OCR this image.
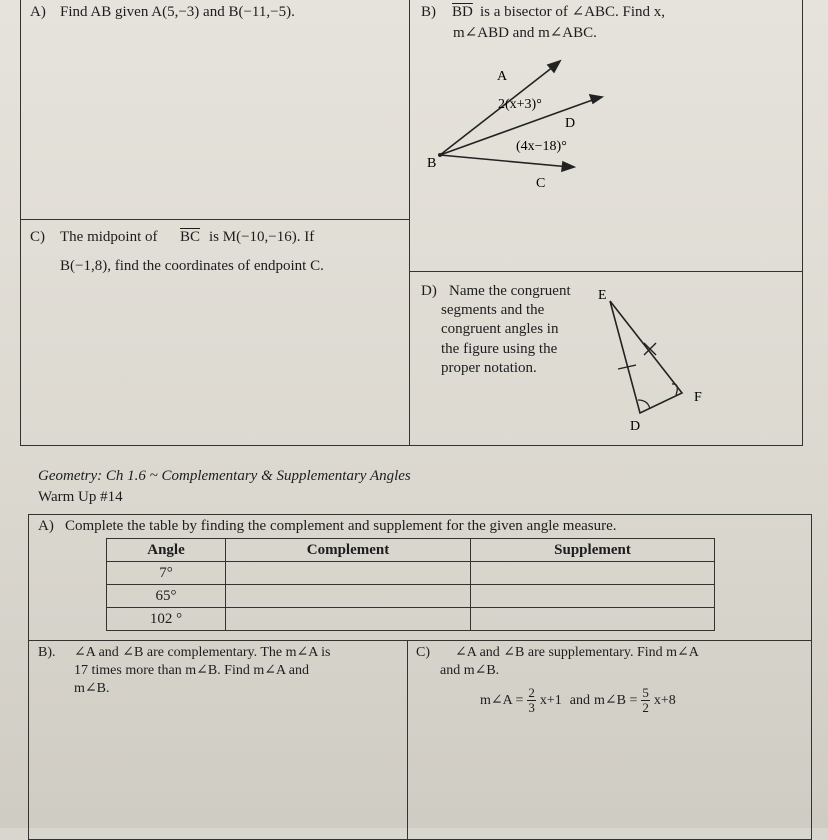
A) Find AB given A(5,−3) and B(−11,−5).	B) $\overline{BD}$ is a bisector of ∠ABC. Find x,
m∠ABD and m∠ABC.
A
D
B
C
2(x+3)°
(4x−18)°
C) The midpoint of $\overline{BC}$ is M(−10,−16). If
B(−1,8), find the coordinates of endpoint C.
D) Name the congruent
segments and the
congruent angles in
the figure using the
proper notation.
E
F
D
Geometry: Ch 1.6 ~ Complementary & Supplementary Angles
Warm Up #14
A) Complete the table by finding the complement and supplement for the given angle measure.
Angle	Complement	Supplement
7°		
65°		
102 °		
B). ∠A and ∠B are complementary. The m∠A is
17 times more than m∠B. Find m∠A and
m∠B.
C) ∠A and ∠B are supplementary. Find m∠A
and m∠B.
m∠A = $\frac{2}{3} x+1$ and m∠B = $\frac{5}{2} x+8$
